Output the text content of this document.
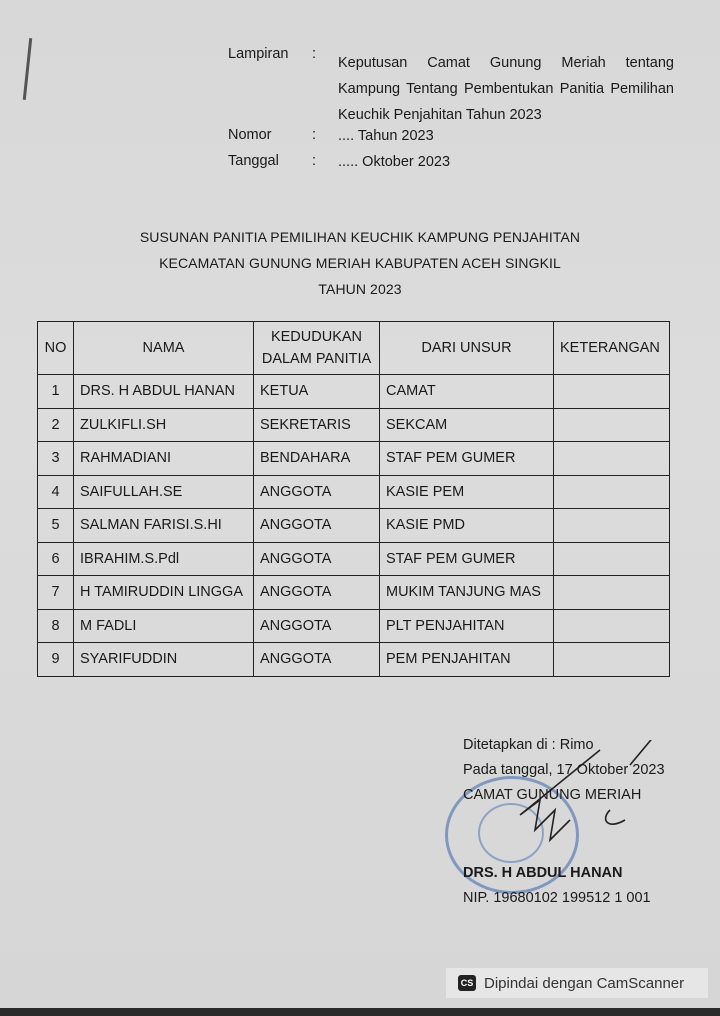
Lampiran :
Keputusan Camat Gunung Meriah tentang Kampung Tentang Pembentukan Panitia Pemilihan Keuchik Penjahitan Tahun 2023
Nomor	: .... Tahun 2023
Tanggal : ..... Oktober 2023
SUSUNAN PANITIA PEMILIHAN KEUCHIK KAMPUNG PENJAHITAN
KECAMATAN GUNUNG MERIAH KABUPATEN ACEH SINGKIL
TAHUN 2023
NO	NAMA	KEDUDUKAN DALAM PANITIA	DARI UNSUR	KETERANGAN
1	DRS. H ABDUL HANAN	KETUA	CAMAT	
2	ZULKIFLI.SH	SEKRETARIS	SEKCAM	
3	RAHMADIANI	BENDAHARA	STAF PEM GUMER	
4	SAIFULLAH.SE	ANGGOTA	KASIE PEM	
5	SALMAN FARISI.S.HI	ANGGOTA	KASIE PMD	
6	IBRAHIM.S.Pdl	ANGGOTA	STAF PEM GUMER	
7	H TAMIRUDDIN LINGGA	ANGGOTA	MUKIM TANJUNG MAS	
8	M FADLI	ANGGOTA	PLT PENJAHITAN	
9	SYARIFUDDIN	ANGGOTA	PEM PENJAHITAN	
Ditetapkan di : Rimo
Pada tanggal, 17 Oktober 2023
CAMAT GUNUNG MERIAH
DRS. H ABDUL HANAN
NIP. 19680102 199512 1 001
CS Dipindai dengan CamScanner
